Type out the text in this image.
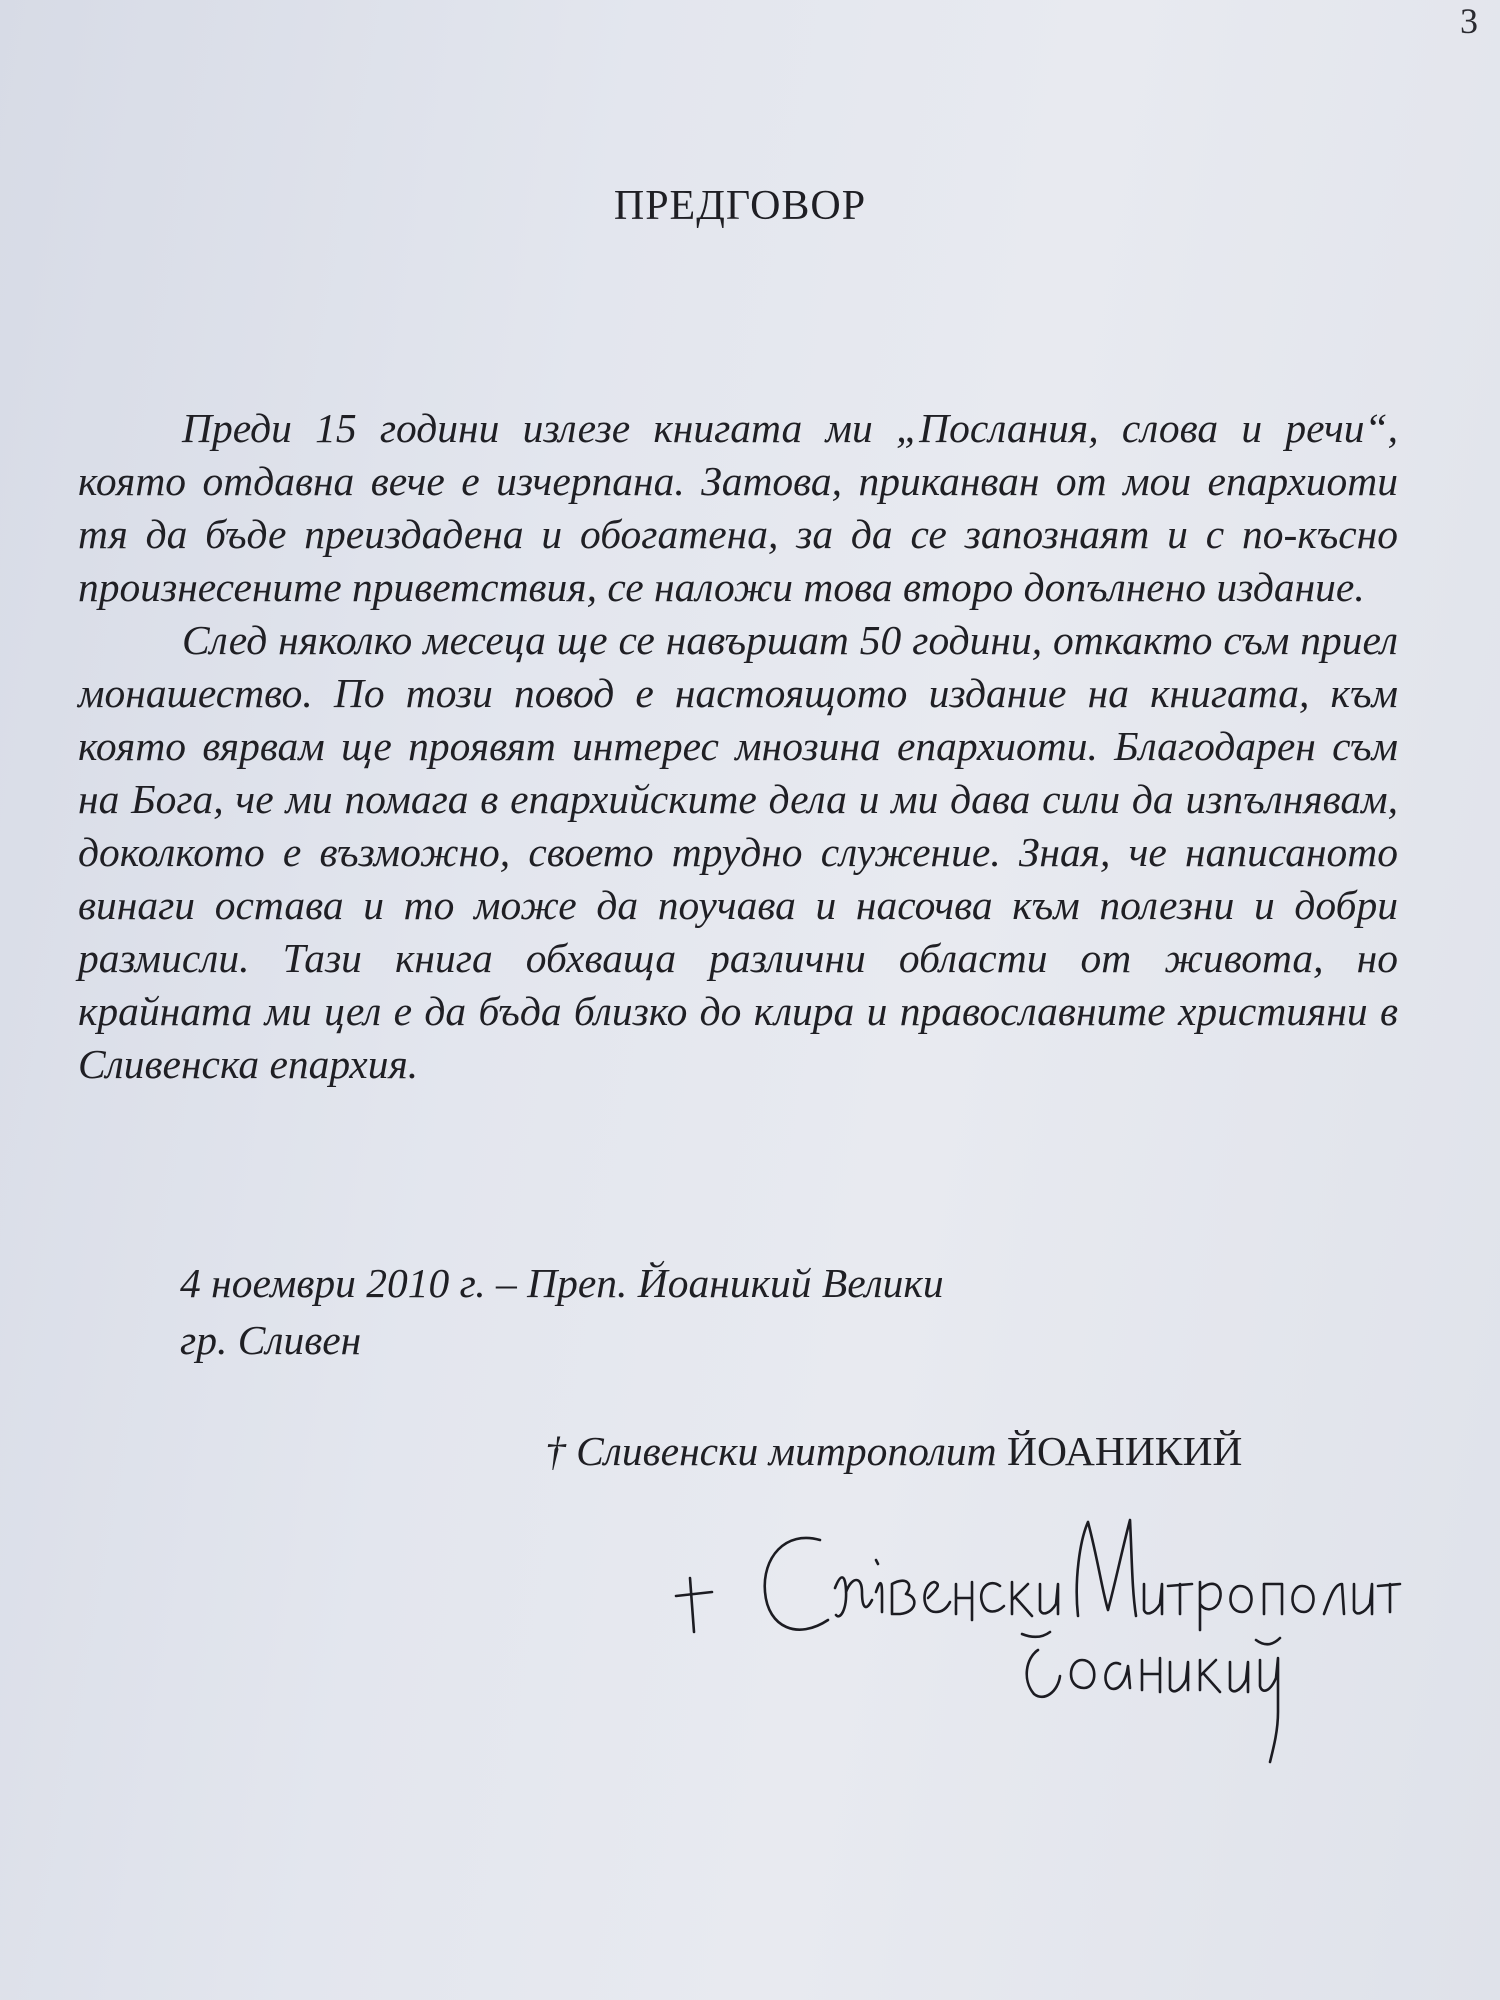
3
ПРЕДГОВОР

Преди 15 години излезе книгата ми „Послания, слова и речи“, която отдавна вече е изчерпана. Затова, приканван от мои епархиоти тя да бъде преиздадена и обогатена, за да се запознаят и с по-късно произнесените приветствия, се наложи това второ допълнено издание.

След няколко месеца ще се навършат 50 години, откакто съм приел монашество. По този повод е настоящото издание на книгата, към която вярвам ще проявят интерес мнозина епархиоти. Благодарен съм на Бога, че ми помага в епархийските дела и ми дава сили да изпълнявам, доколкото е възможно, своето трудно служение. Зная, че написаното винаги остава и то може да поучава и насочва към полезни и добри размисли. Тази книга обхваща различни области от живота, но крайната ми цел е да бъда близко до клира и православните християни в Сливенска епархия.

4 ноември 2010 г. – Преп. Йоаникий Велики
гр. Сливен
† Сливенски митрополит ЙОАНИКИЙ
